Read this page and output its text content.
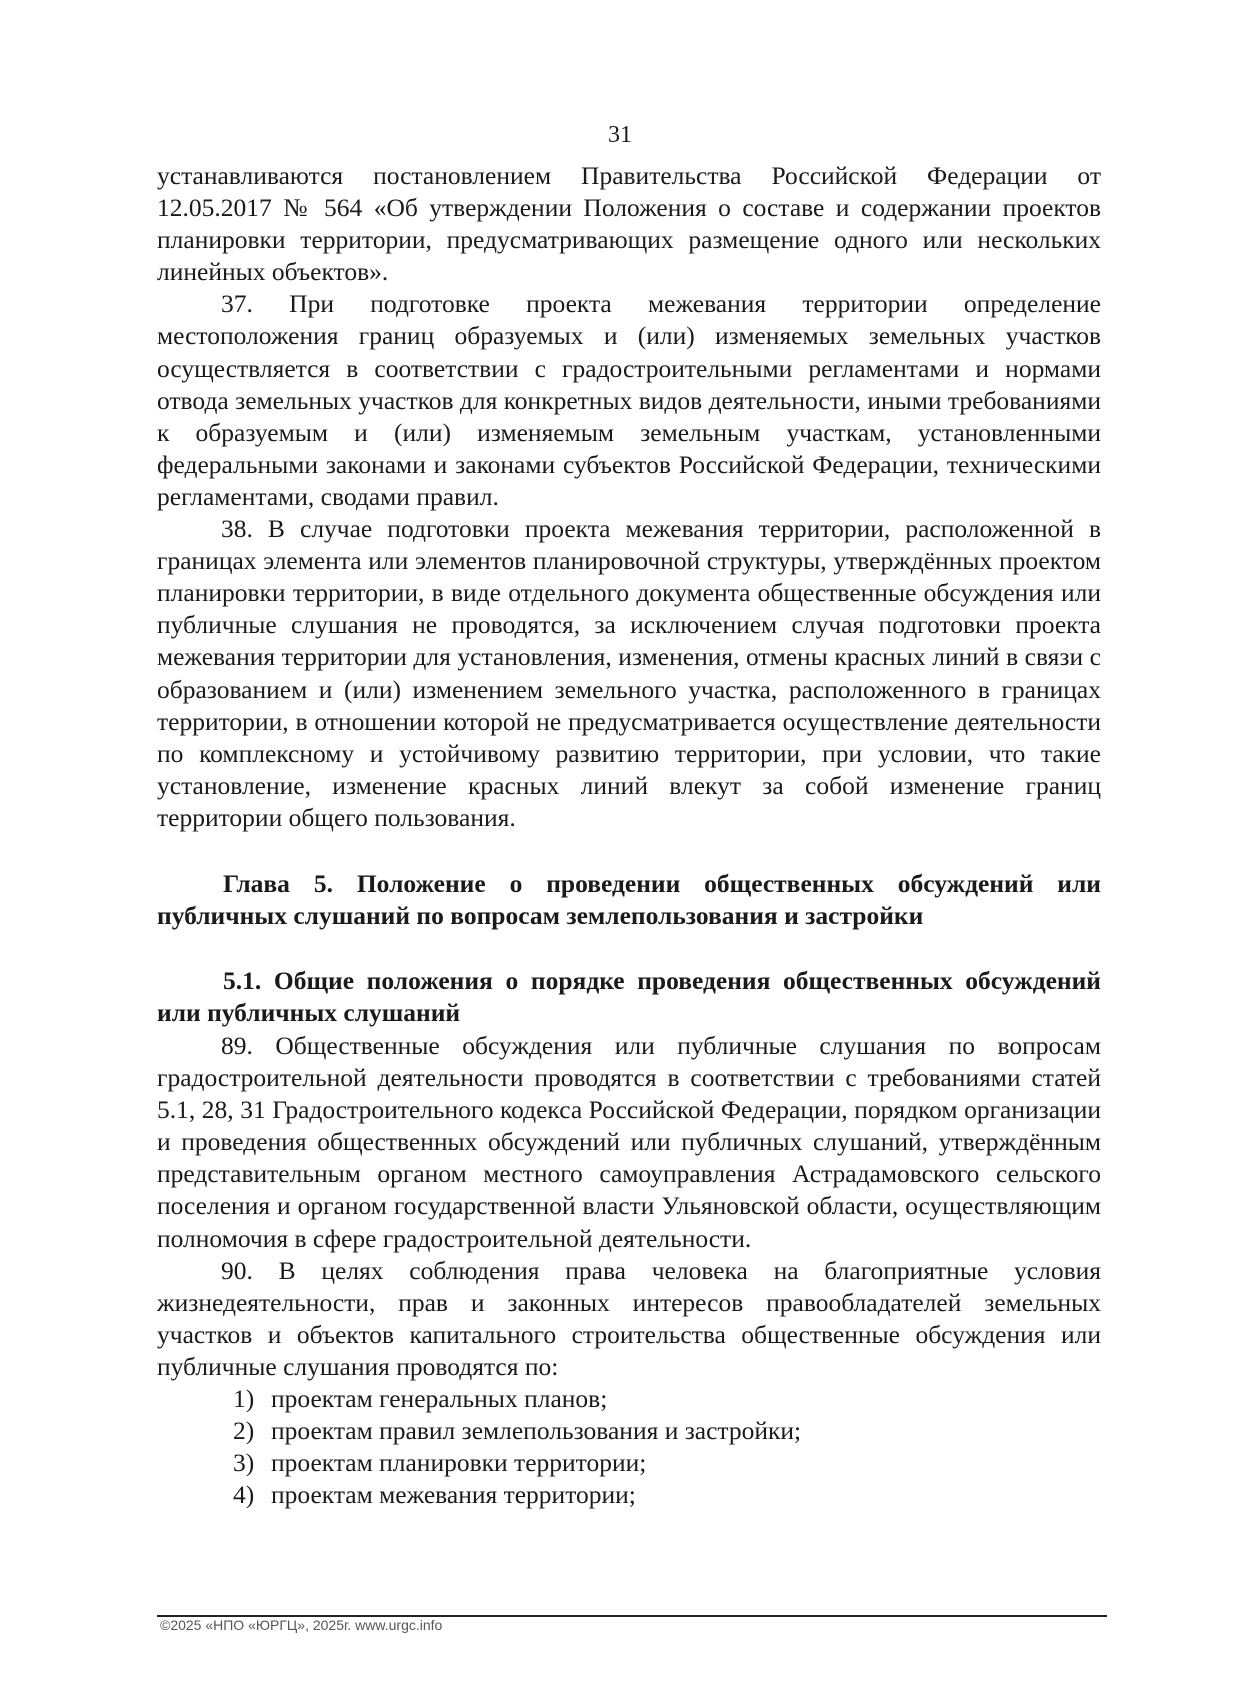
31

устанавливаются постановлением Правительства Российской Федерации от 12.05.2017 № 564 «Об утверждении Положения о составе и содержании проектов планировки территории, предусматривающих размещение одного или нескольких линейных объектов».

37. При подготовке проекта межевания территории определение местоположения границ образуемых и (или) изменяемых земельных участков осуществляется в соответствии с градостроительными регламентами и нормами отвода земельных участков для конкретных видов деятельности, иными требованиями к образуемым и (или) изменяемым земельным участкам, установленными федеральными законами и законами субъектов Российской Федерации, техническими регламентами, сводами правил.

38. В случае подготовки проекта межевания территории, расположенной в границах элемента или элементов планировочной структуры, утверждённых проектом планировки территории, в виде отдельного документа общественные обсуждения или публичные слушания не проводятся, за исключением случая подготовки проекта межевания территории для установления, изменения, отмены красных линий в связи с образованием и (или) изменением земельного участка, расположенного в границах территории, в отношении которой не предусматривается осуществление деятельности по комплексному и устойчивому развитию территории, при условии, что такие установление, изменение красных линий влекут за собой изменение границ территории общего пользования.

Глава 5. Положение о проведении общественных обсуждений или публичных слушаний по вопросам землепользования и застройки
5.1. Общие положения о порядке проведения общественных обсуждений или публичных слушаний

89. Общественные обсуждения или публичные слушания по вопросам градостроительной деятельности проводятся в соответствии с требованиями статей 5.1, 28, 31 Градостроительного кодекса Российской Федерации, порядком организации и проведения общественных обсуждений или публичных слушаний, утверждённым представительным органом местного самоуправления Астрадамовского сельского поселения и органом государственной власти Ульяновской области, осуществляющим полномочия в сфере градостроительной деятельности.

90. В целях соблюдения права человека на благоприятные условия жизнедеятельности, прав и законных интересов правообладателей земельных участков и объектов капитального строительства общественные обсуждения или публичные слушания проводятся по:

1) проектам генеральных планов;
2) проектам правил землепользования и застройки;
3) проектам планировки территории;
4) проектам межевания территории;
©2025 «НПО «ЮРГЦ», 2025г. www.urgc.info
